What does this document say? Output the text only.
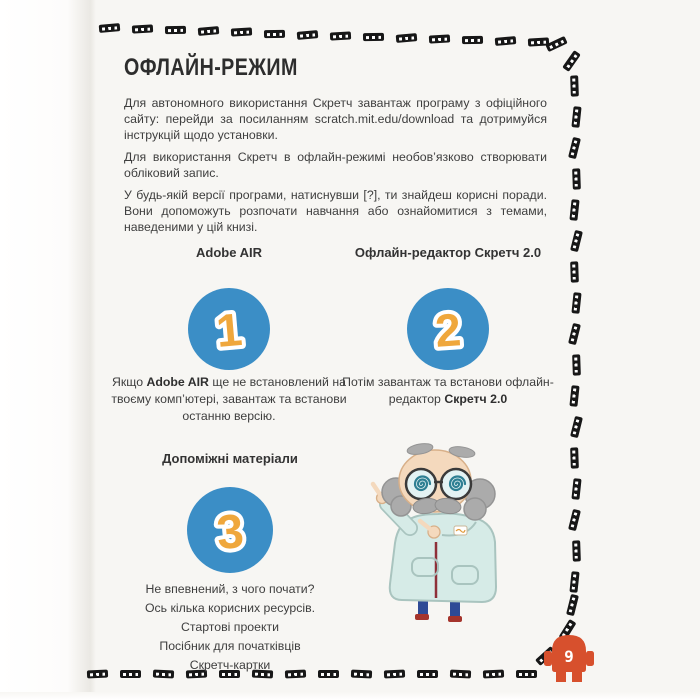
ОФЛАЙН-РЕЖИМ

Для автономного використання Скретч завантаж програму з офіційного сайту: перейди за посиланням scratch.mit.edu/download та дотримуйся інструкцій щодо установки.

Для використання Скретч в офлайн-режимі необов’язково створювати обліковий запис.

У будь-якій версії програми, натиснувши [?], ти знайдеш корисні поради. Вони допоможуть розпочати навчання або ознайомитися з темами, наведеними у цій книзі.

Adobe AIR
1

Якщо Adobe AIR ще не встановлений на твоєму комп’ютері, завантаж та встанови останню версію.

Офлайн-редактор Скретч 2.0
2

Потім завантаж та встанови офлайн-редактор Скретч 2.0

Допоміжні матеріали
3
Не впевнений, з чого почати?
Ось кілька корисних ресурсів.
Стартові проекти
Посібник для початківців
Скретч-картки	9
